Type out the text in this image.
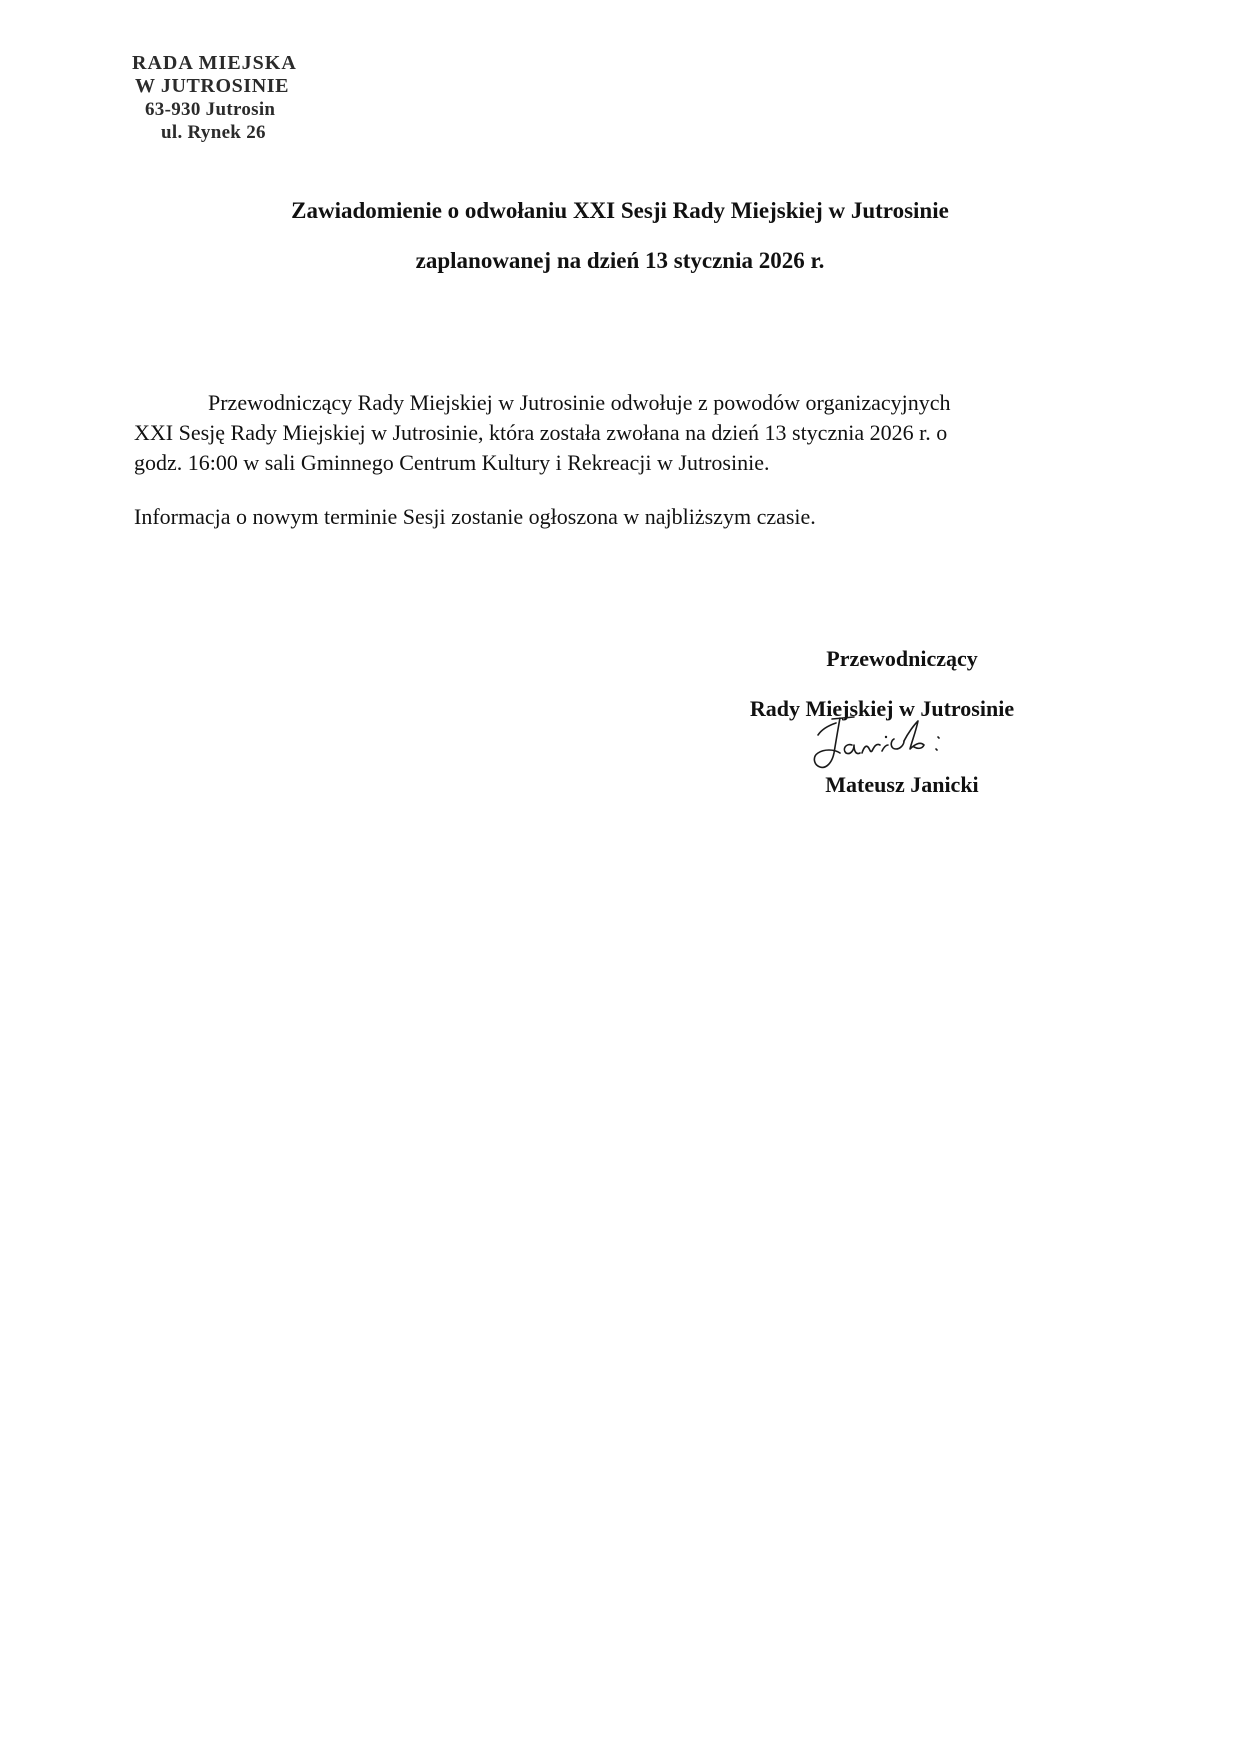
RADA MIEJSKA
W JUTROSINIE
63-930 Jutrosin
ul. Rynek 26
Zawiadomienie o odwołaniu XXI Sesji Rady Miejskiej w Jutrosinie
zaplanowanej na dzień 13 stycznia 2026 r.
Przewodniczący Rady Miejskiej w Jutrosinie odwołuje z powodów organizacyjnych
XXI Sesję Rady Miejskiej w Jutrosinie, która została zwołana na dzień 13 stycznia 2026 r. o
godz. 16:00 w sali Gminnego Centrum Kultury i Rekreacji w Jutrosinie.
Informacja o nowym terminie Sesji zostanie ogłoszona w najbliższym czasie.
Przewodniczący
Rady Miejskiej w Jutrosinie
Mateusz Janicki
